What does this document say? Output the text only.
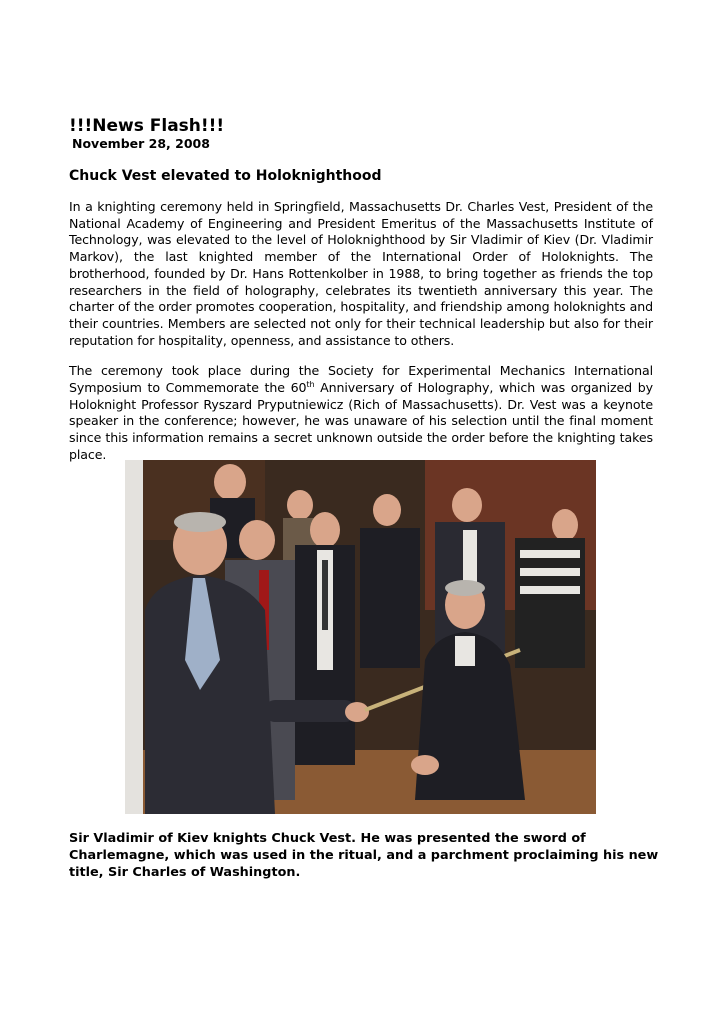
!!!News Flash!!!

November 28, 2008

Chuck Vest elevated to Holoknighthood

In a knighting ceremony held in Springfield, Massachusetts Dr. Charles Vest, President of the National Academy of Engineering and President Emeritus of the Massachusetts Institute of Technology, was elevated to the level of Holoknighthood by Sir Vladimir of Kiev (Dr. Vladimir Markov), the last knighted member of the International Order of Holoknights. The brotherhood, founded by Dr. Hans Rottenkolber in 1988, to bring together as friends the top researchers in the field of holography, celebrates its twentieth anniversary this year. The charter of the order promotes cooperation, hospitality, and friendship among holoknights and their countries. Members are selected not only for their technical leadership but also for their reputation for hospitality, openness, and assistance to others.

The ceremony took place during the Society for Experimental Mechanics International Symposium to Commemorate the 60th Anniversary of Holography, which was organized by Holoknight Professor Ryszard Pryputniewicz (Rich of Massachusetts). Dr. Vest was a keynote speaker in the conference; however, he was unaware of his selection until the final moment since this information remains a secret unknown outside the order before the knighting takes place.

Sir Vladimir of Kiev knights Chuck Vest. He was presented the sword of Charlemagne, which was used in the ritual, and a parchment proclaiming his new title, Sir Charles of Washington.
